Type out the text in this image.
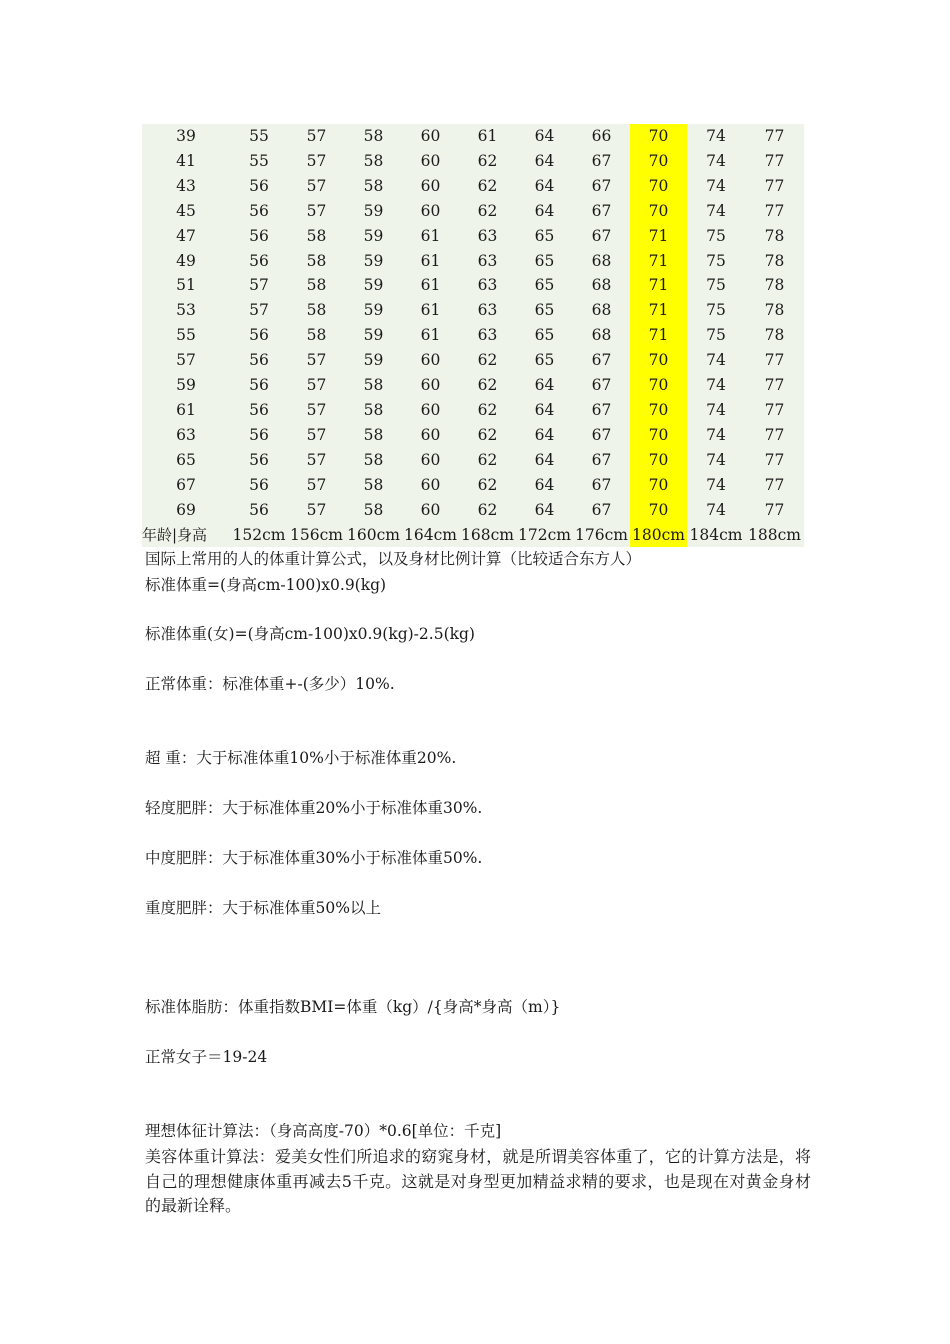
39	55	57	58	60	61	64	66	70	74	77
41	55	57	58	60	62	64	67	70	74	77
43	56	57	58	60	62	64	67	70	74	77
45	56	57	59	60	62	64	67	70	74	77
47	56	58	59	61	63	65	67	71	75	78
49	56	58	59	61	63	65	68	71	75	78
51	57	58	59	61	63	65	68	71	75	78
53	57	58	59	61	63	65	68	71	75	78
55	56	58	59	61	63	65	68	71	75	78
57	56	57	59	60	62	65	67	70	74	77
59	56	57	58	60	62	64	67	70	74	77
61	56	57	58	60	62	64	67	70	74	77
63	56	57	58	60	62	64	67	70	74	77
65	56	57	58	60	62	64	67	70	74	77
67	56	57	58	60	62	64	67	70	74	77
69	56	57	58	60	62	64	67	70	74	77
年龄|身高	152cm	156cm	160cm	164cm	168cm	172cm	176cm	180cm	184cm	188cm
国际上常用的人的体重计算公式，以及身材比例计算（比较适合东方人）
标准体重=(身高cm-100)x0.9(kg)
标准体重(女)=(身高cm-100)x0.9(kg)-2.5(kg)
正常体重：标准体重+-(多少）10%.
超 重：大于标准体重10%小于标准体重20%.
轻度肥胖：大于标准体重20%小于标准体重30%.
中度肥胖：大于标准体重30%小于标准体重50%.
重度肥胖：大于标准体重50%以上
标准体脂肪：体重指数BMI=体重（kg）/{身高*身高（m）}
正常女子＝19-24
理想体征计算法：（身高高度-70）*0.6[单位：千克]
美容体重计算法：爱美女性们所追求的窈窕身材，就是所谓美容体重了，它的计算方法是，将自己的理想健康体重再减去5千克。这就是对身型更加精益求精的要求，也是现在对黄金身材的最新诠释。
